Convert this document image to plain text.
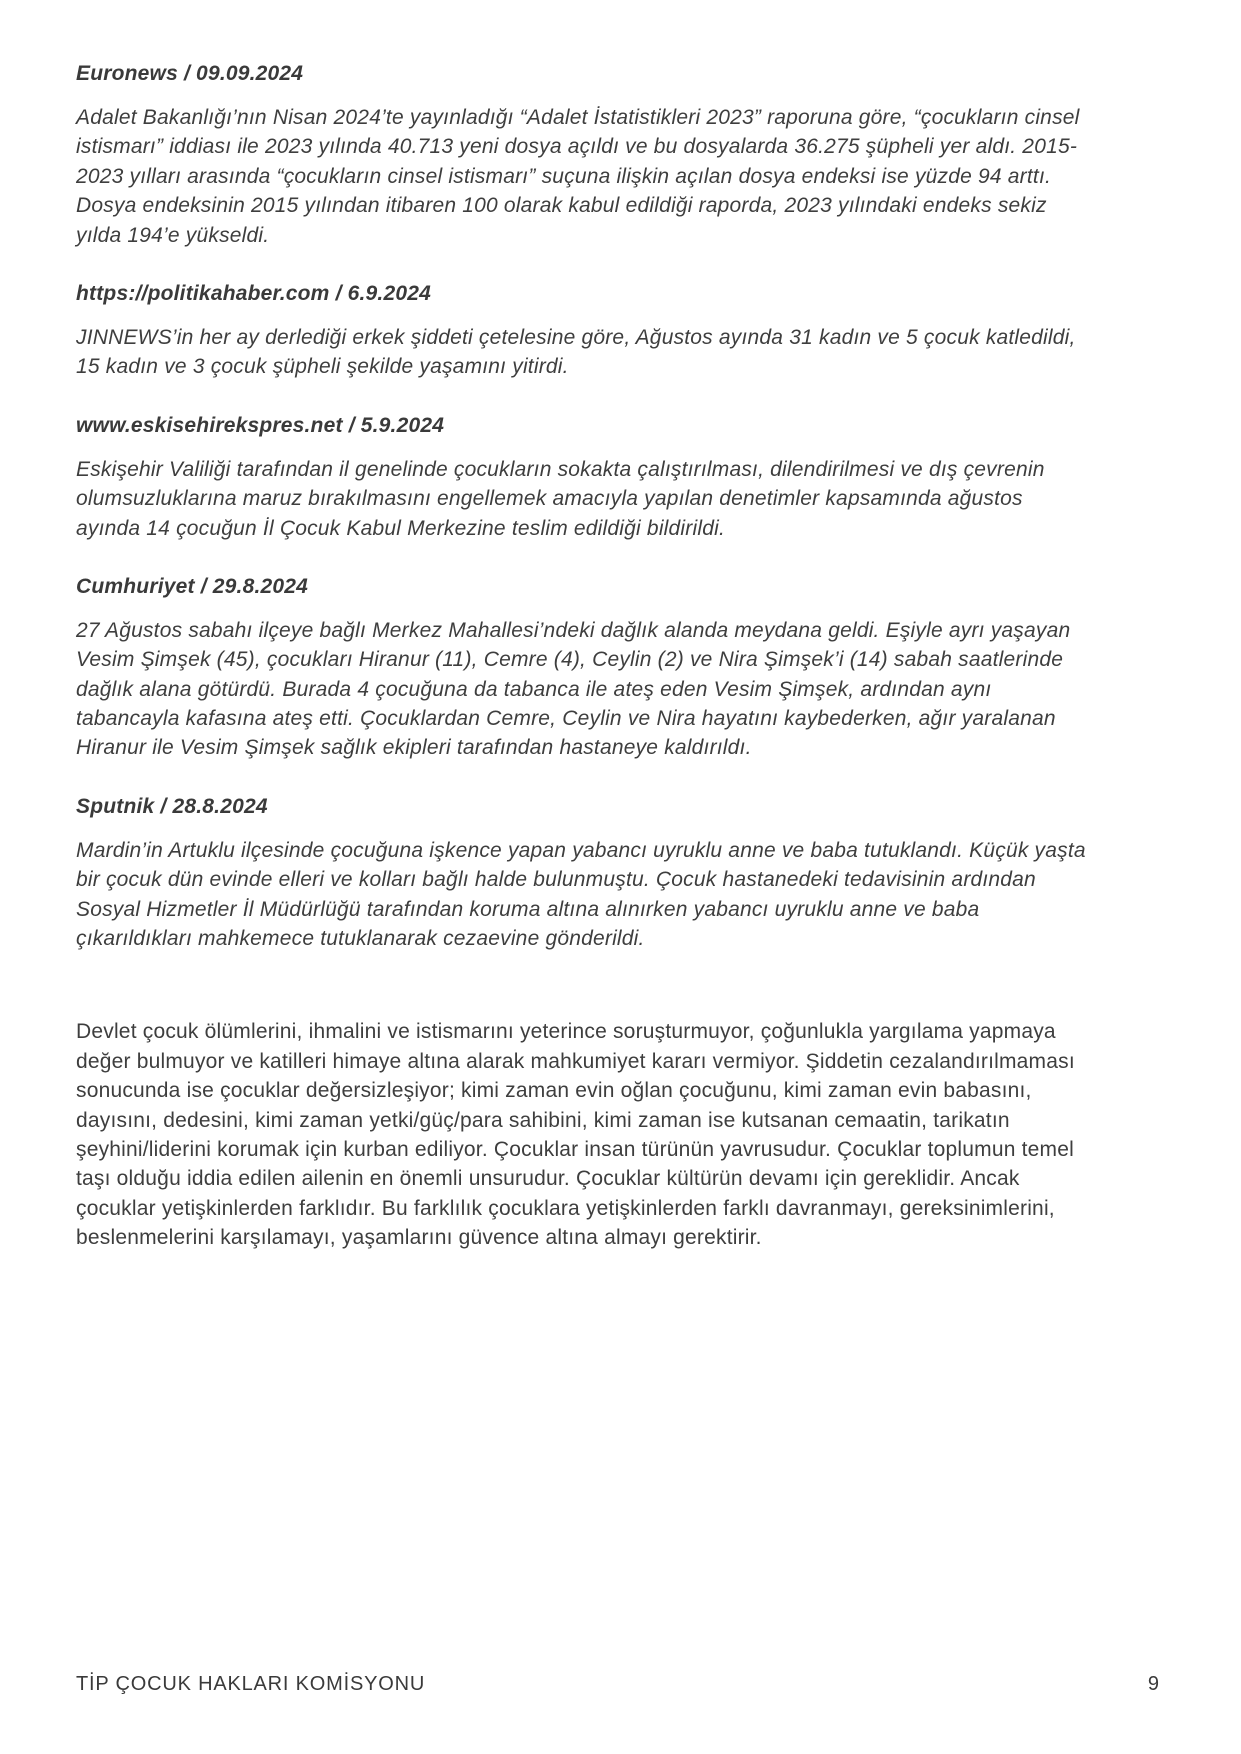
Euronews / 09.09.2024

Adalet Bakanlığı’nın Nisan 2024’te yayınladığı “Adalet İstatistikleri 2023” raporuna göre, “çocukların cinsel istismarı” iddiası ile 2023 yılında 40.713 yeni dosya açıldı ve bu dosyalarda 36.275 şüpheli yer aldı. 2015-2023 yılları arasında “çocukların cinsel istismarı” suçuna ilişkin açılan dosya endeksi ise yüzde 94 arttı. Dosya endeksinin 2015 yılından itibaren 100 olarak kabul edildiği raporda, 2023 yılındaki endeks sekiz yılda 194’e yükseldi.

https://politikahaber.com / 6.9.2024

JINNEWS’in her ay derlediği erkek şiddeti çetelesine göre, Ağustos ayında 31 kadın ve 5 çocuk katledildi, 15 kadın ve 3 çocuk şüpheli şekilde yaşamını yitirdi.

www.eskisehirekspres.net / 5.9.2024

Eskişehir Valiliği tarafından il genelinde çocukların sokakta çalıştırılması, dilendirilmesi ve dış çevrenin olumsuzluklarına maruz bırakılmasını engellemek amacıyla yapılan denetimler kapsamında ağustos ayında 14 çocuğun İl Çocuk Kabul Merkezine teslim edildiği bildirildi.

Cumhuriyet / 29.8.2024

27 Ağustos sabahı ilçeye bağlı Merkez Mahallesi’ndeki dağlık alanda meydana geldi. Eşiyle ayrı yaşayan Vesim Şimşek (45), çocukları Hiranur (11), Cemre (4), Ceylin (2) ve Nira Şimşek’i (14) sabah saatlerinde dağlık alana götürdü. Burada 4 çocuğuna da tabanca ile ateş eden Vesim Şimşek, ardından aynı tabancayla kafasına ateş etti. Çocuklardan Cemre, Ceylin ve Nira hayatını kaybederken, ağır yaralanan Hiranur ile Vesim Şimşek sağlık ekipleri tarafından hastaneye kaldırıldı.

Sputnik / 28.8.2024

Mardin’in Artuklu ilçesinde çocuğuna işkence yapan yabancı uyruklu anne ve baba tutuklandı. Küçük yaşta bir çocuk dün evinde elleri ve kolları bağlı halde bulunmuştu. Çocuk hastanedeki tedavisinin ardından Sosyal Hizmetler İl Müdürlüğü tarafından koruma altına alınırken yabancı uyruklu anne ve baba çıkarıldıkları mahkemece tutuklanarak cezaevine gönderildi.

Devlet çocuk ölümlerini, ihmalini ve istismarını yeterince soruşturmuyor, çoğunlukla yargılama yapmaya değer bulmuyor ve katilleri himaye altına alarak mahkumiyet kararı vermiyor. Şiddetin cezalandırılmaması sonucunda ise çocuklar değersizleşiyor; kimi zaman evin oğlan çocuğunu, kimi zaman evin babasını, dayısını, dedesini, kimi zaman yetki/güç/para sahibini, kimi zaman ise kutsanan cemaatin, tarikatın şeyhini/liderini korumak için kurban ediliyor. Çocuklar insan türünün yavrusudur. Çocuklar toplumun temel taşı olduğu iddia edilen ailenin en önemli unsurudur. Çocuklar kültürün devamı için gereklidir. Ancak çocuklar yetişkinlerden farklıdır. Bu farklılık çocuklara yetişkinlerden farklı davranmayı, gereksinimlerini, beslenmelerini karşılamayı, yaşamlarını güvence altına almayı gerektirir.

TİP ÇOCUK HAKLARI KOMİSYONU	9
